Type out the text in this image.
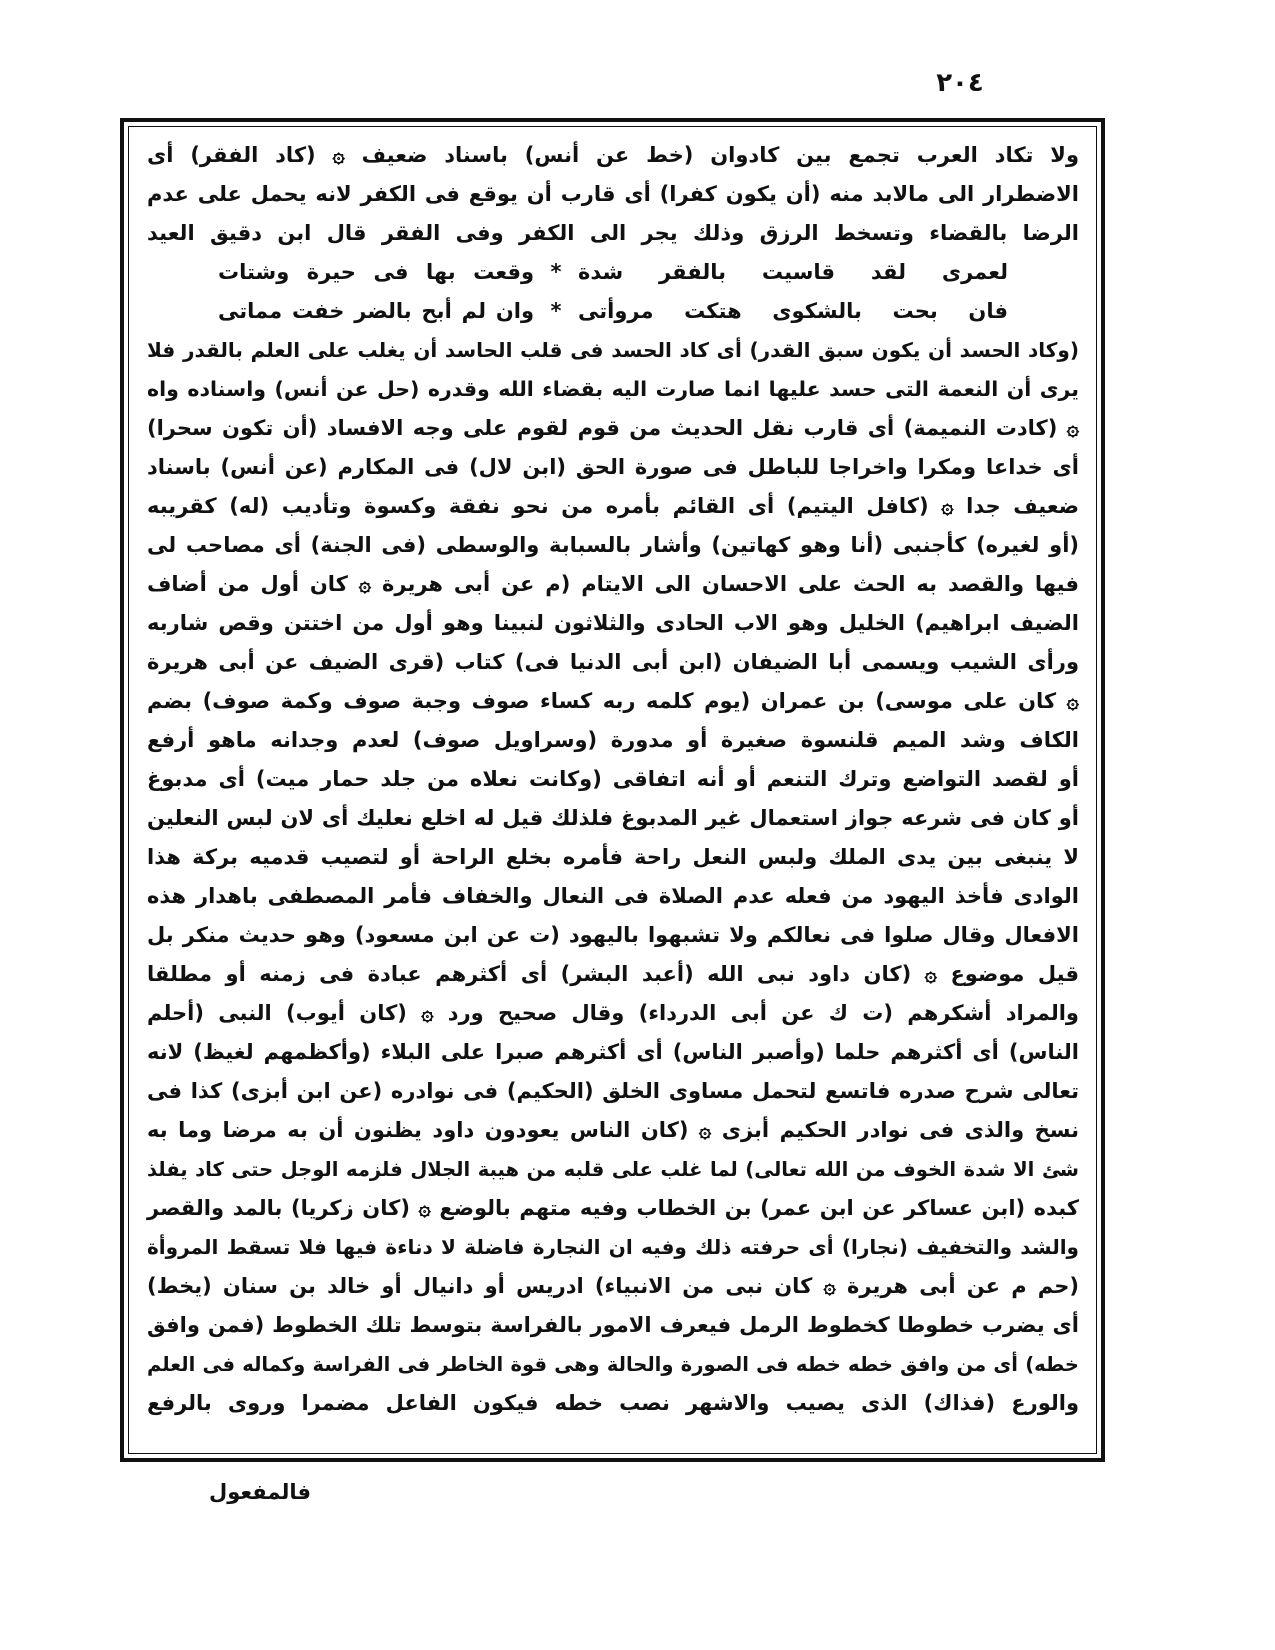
٢٠٤
ولا تكاد العرب تجمع بين كادوان (خط عن أنس) باسناد ضعيف ۞ (كاد الفقر) أى
الاضطرار الى مالابد منه (أن يكون كفرا) أى قارب أن يوقع فى الكفر لانه يحمل على عدم
الرضا بالقضاء وتسخط الرزق وذلك يجر الى الكفر وفى الفقر قال ابن دقيق العيد
لعمرى لقد قاسيت بالفقر شدة
*
وقعت بها فى حيرة وشتات
فان بحت بالشكوى هتكت مروأتى
*
وان لم أبح بالضر خفت مماتى
(وكاد الحسد أن يكون سبق القدر) أى كاد الحسد فى قلب الحاسد أن يغلب على العلم بالقدر فلا
يرى أن النعمة التى حسد عليها انما صارت اليه بقضاء الله وقدره (حل عن أنس) واسناده واه
۞ (كادت النميمة) أى قارب نقل الحديث من قوم لقوم على وجه الافساد (أن تكون سحرا)
أى خداعا ومكرا واخراجا للباطل فى صورة الحق (ابن لال) فى المكارم (عن أنس) باسناد
ضعيف جدا ۞ (كافل اليتيم) أى القائم بأمره من نحو نفقة وكسوة وتأديب (له) كقريبه
(أو لغيره) كأجنبى (أنا وهو كهاتين) وأشار بالسبابة والوسطى (فى الجنة) أى مصاحب لى
فيها والقصد به الحث على الاحسان الى الايتام (م عن أبى هريرة ۞ كان أول من أضاف
الضيف ابراهيم) الخليل وهو الاب الحادى والثلاثون لنبينا وهو أول من اختتن وقص شاربه
ورأى الشيب ويسمى أبا الضيفان (ابن أبى الدنيا فى) كتاب (قرى الضيف عن أبى هريرة
۞ كان على موسى) بن عمران (يوم كلمه ربه كساء صوف وجبة صوف وكمة صوف) بضم
الكاف وشد الميم قلنسوة صغيرة أو مدورة (وسراويل صوف) لعدم وجدانه ماهو أرفع
أو لقصد التواضع وترك التنعم أو أنه اتفاقى (وكانت نعلاه من جلد حمار ميت) أى مدبوغ
أو كان فى شرعه جواز استعمال غير المدبوغ فلذلك قيل له اخلع نعليك أى لان لبس النعلين
لا ينبغى بين يدى الملك ولبس النعل راحة فأمره بخلع الراحة أو لتصيب قدميه بركة هذا
الوادى فأخذ اليهود من فعله عدم الصلاة فى النعال والخفاف فأمر المصطفى باهدار هذه
الافعال وقال صلوا فى نعالكم ولا تشبهوا باليهود (ت عن ابن مسعود) وهو حديث منكر بل
قيل موضوع ۞ (كان داود نبى الله (أعبد البشر) أى أكثرهم عبادة فى زمنه أو مطلقا
والمراد أشكرهم (ت ك عن أبى الدرداء) وقال صحيح ورد ۞ (كان أيوب) النبى (أحلم
الناس) أى أكثرهم حلما (وأصبر الناس) أى أكثرهم صبرا على البلاء (وأكظمهم لغيظ) لانه
تعالى شرح صدره فاتسع لتحمل مساوى الخلق (الحكيم) فى نوادره (عن ابن أبزى) كذا فى
نسخ والذى فى نوادر الحكيم أبزى ۞ (كان الناس يعودون داود يظنون أن به مرضا وما به
شئ الا شدة الخوف من الله تعالى) لما غلب على قلبه من هيبة الجلال فلزمه الوجل حتى كاد يفلذ
كبده (ابن عساكر عن ابن عمر) بن الخطاب وفيه متهم بالوضع ۞ (كان زكريا) بالمد والقصر
والشد والتخفيف (نجارا) أى حرفته ذلك وفيه ان النجارة فاضلة لا دناءة فيها فلا تسقط المروأة
(حم م عن أبى هريرة ۞ كان نبى من الانبياء) ادريس أو دانيال أو خالد بن سنان (يخط)
أى يضرب خطوطا كخطوط الرمل فيعرف الامور بالفراسة بتوسط تلك الخطوط (فمن وافق
خطه) أى من وافق خطه خطه فى الصورة والحالة وهى قوة الخاطر فى الفراسة وكماله فى العلم
والورع (فذاك) الذى يصيب والاشهر نصب خطه فيكون الفاعل مضمرا وروى بالرفع
فالمفعول
